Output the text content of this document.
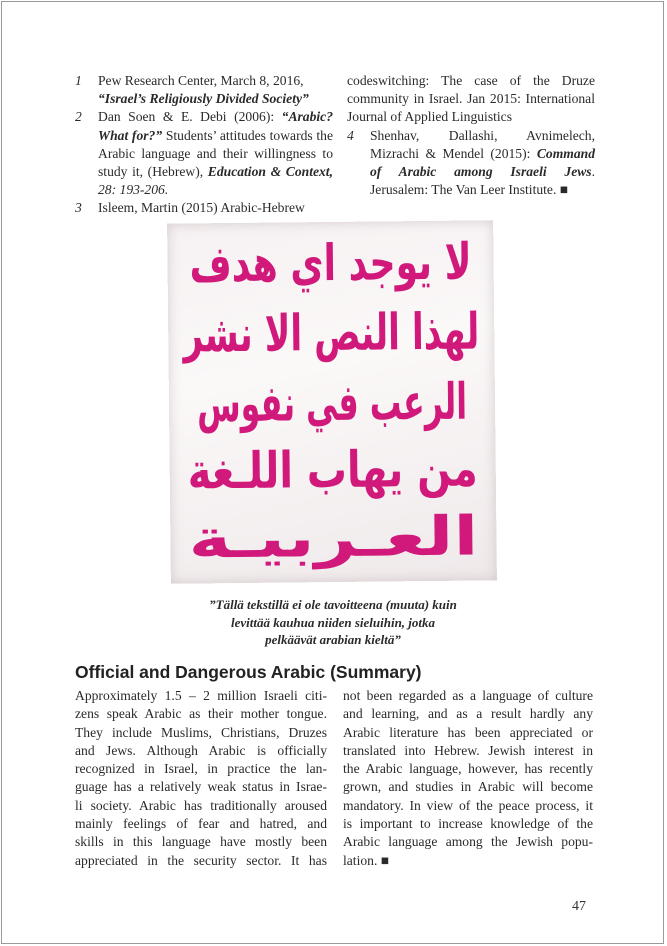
1	Pew Research Center, March 8, 2016,
“Israel’s Religiously Divided Society”
2	Dan Soen & E. Debi (2006): “Arabic? What for?” Students’ attitudes towards the Arabic language and their willingness to study it, (Hebrew), Education & Context, 28: 193-206.
3	Isleem, Martin (2015) Arabic-Hebrew
codeswitching: The case of the Druze community in Israel. Jan 2015: International Journal of Applied Linguistics
4	Shenhav, Dallashi, Avnimelech, Mizrachi & Mendel (2015): Command of Arabic among Israeli Jews. Jerusalem: The Van Leer Institute. ■
لا يوجد اي هدف
لهذا النص الا نشر
الرعب في نفوس
من يهاب اللـغة
العـربيـة
”Tällä tekstillä ei ole tavoitteena (muuta) kuin
levittää kauhua niiden sieluihin, jotka
pelkäävät arabian kieltä”
Official and Dangerous Arabic (Summary)
Approximately 1.5 – 2 million Israeli citi-
zens speak Arabic as their mother tongue.
They include Muslims, Christians, Druzes
and Jews. Although Arabic is officially
recognized in Israel, in practice the lan-
guage has a relatively weak status in Israe-
li society. Arabic has traditionally aroused
mainly feelings of fear and hatred, and
skills in this language have mostly been
appreciated in the security sector. It has
not been regarded as a language of culture
and learning, and as a result hardly any
Arabic literature has been appreciated or
translated into Hebrew. Jewish interest in
the Arabic language, however, has recently
grown, and studies in Arabic will become
mandatory. In view of the peace process, it
is important to increase knowledge of the
Arabic language among the Jewish popu-
lation. ■
47
